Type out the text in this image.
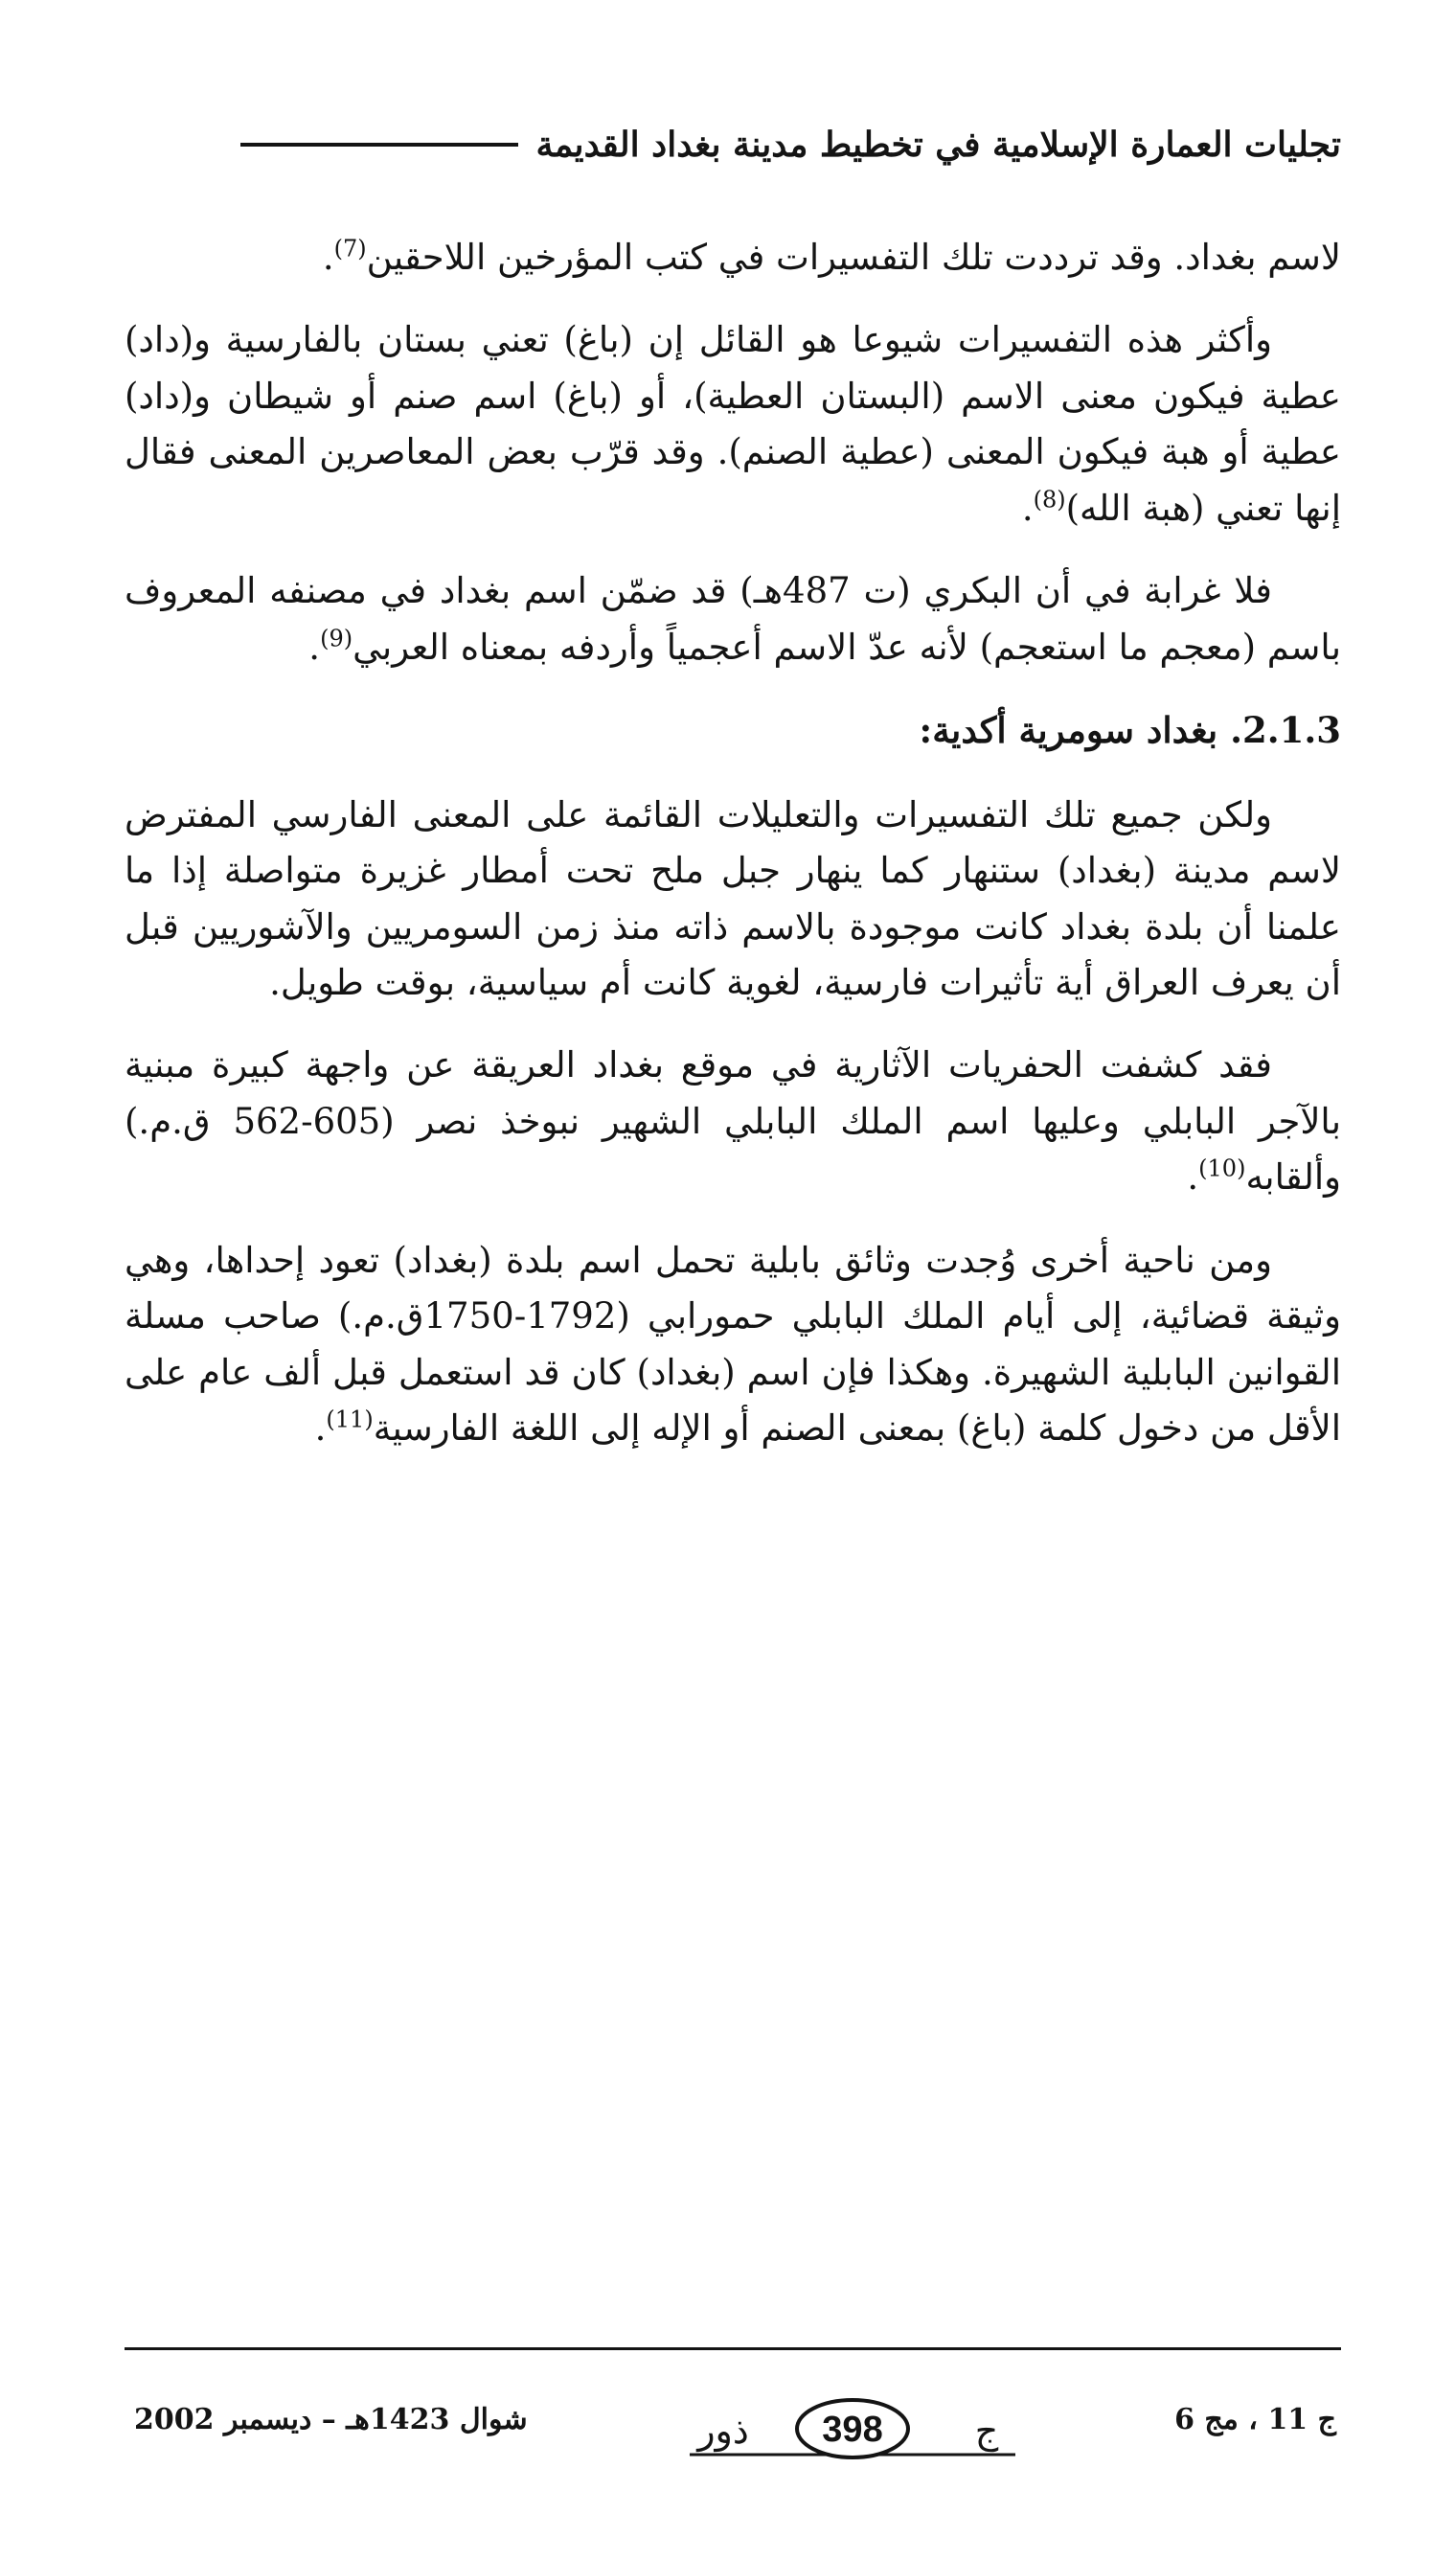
تجليات العمارة الإسلامية في تخطيط مدينة بغداد القديمة

لاسم بغداد. وقد ترددت تلك التفسيرات في كتب المؤرخين اللاحقين$^{(7)}$.

وأكثر هذه التفسيرات شيوعا هو القائل إن (باغ) تعني بستان بالفارسية و(داد) عطية فيكون معنى الاسم (البستان العطية)، أو (باغ) اسم صنم أو شيطان و(داد) عطية أو هبة فيكون المعنى (عطية الصنم). وقد قرّب بعض المعاصرين المعنى فقال إنها تعني (هبة الله)$^{(8)}$.

فلا غرابة في أن البكري (ت 487هـ) قد ضمّن اسم بغداد في مصنفه المعروف باسم (معجم ما استعجم) لأنه عدّ الاسم أعجمياً وأردفه بمعناه العربي$^{(9)}$.

2.1.3. بغداد سومرية أكدية:

ولكن جميع تلك التفسيرات والتعليلات القائمة على المعنى الفارسي المفترض لاسم مدينة (بغداد) ستنهار كما ينهار جبل ملح تحت أمطار غزيرة متواصلة إذا ما علمنا أن بلدة بغداد كانت موجودة بالاسم ذاته منذ زمن السومريين والآشوريين قبل أن يعرف العراق أية تأثيرات فارسية، لغوية كانت أم سياسية، بوقت طويل.

فقد كشفت الحفريات الآثارية في موقع بغداد العريقة عن واجهة كبيرة مبنية بالآجر البابلي وعليها اسم الملك البابلي الشهير نبوخذ نصر (605-562 ق.م.) وألقابه$^{(10)}$.

ومن ناحية أخرى وُجدت وثائق بابلية تحمل اسم بلدة (بغداد) تعود إحداها، وهي وثيقة قضائية، إلى أيام الملك البابلي حمورابي (1792-1750ق.م.) صاحب مسلة القوانين البابلية الشهيرة. وهكذا فإن اسم (بغداد) كان قد استعمل قبل ألف عام على الأقل من دخول كلمة (باغ) بمعنى الصنم أو الإله إلى اللغة الفارسية$^{(11)}$.

شوال 1423هـ – ديسمبر 2002	398	ج
ذور	ج 11 ، مج 6
